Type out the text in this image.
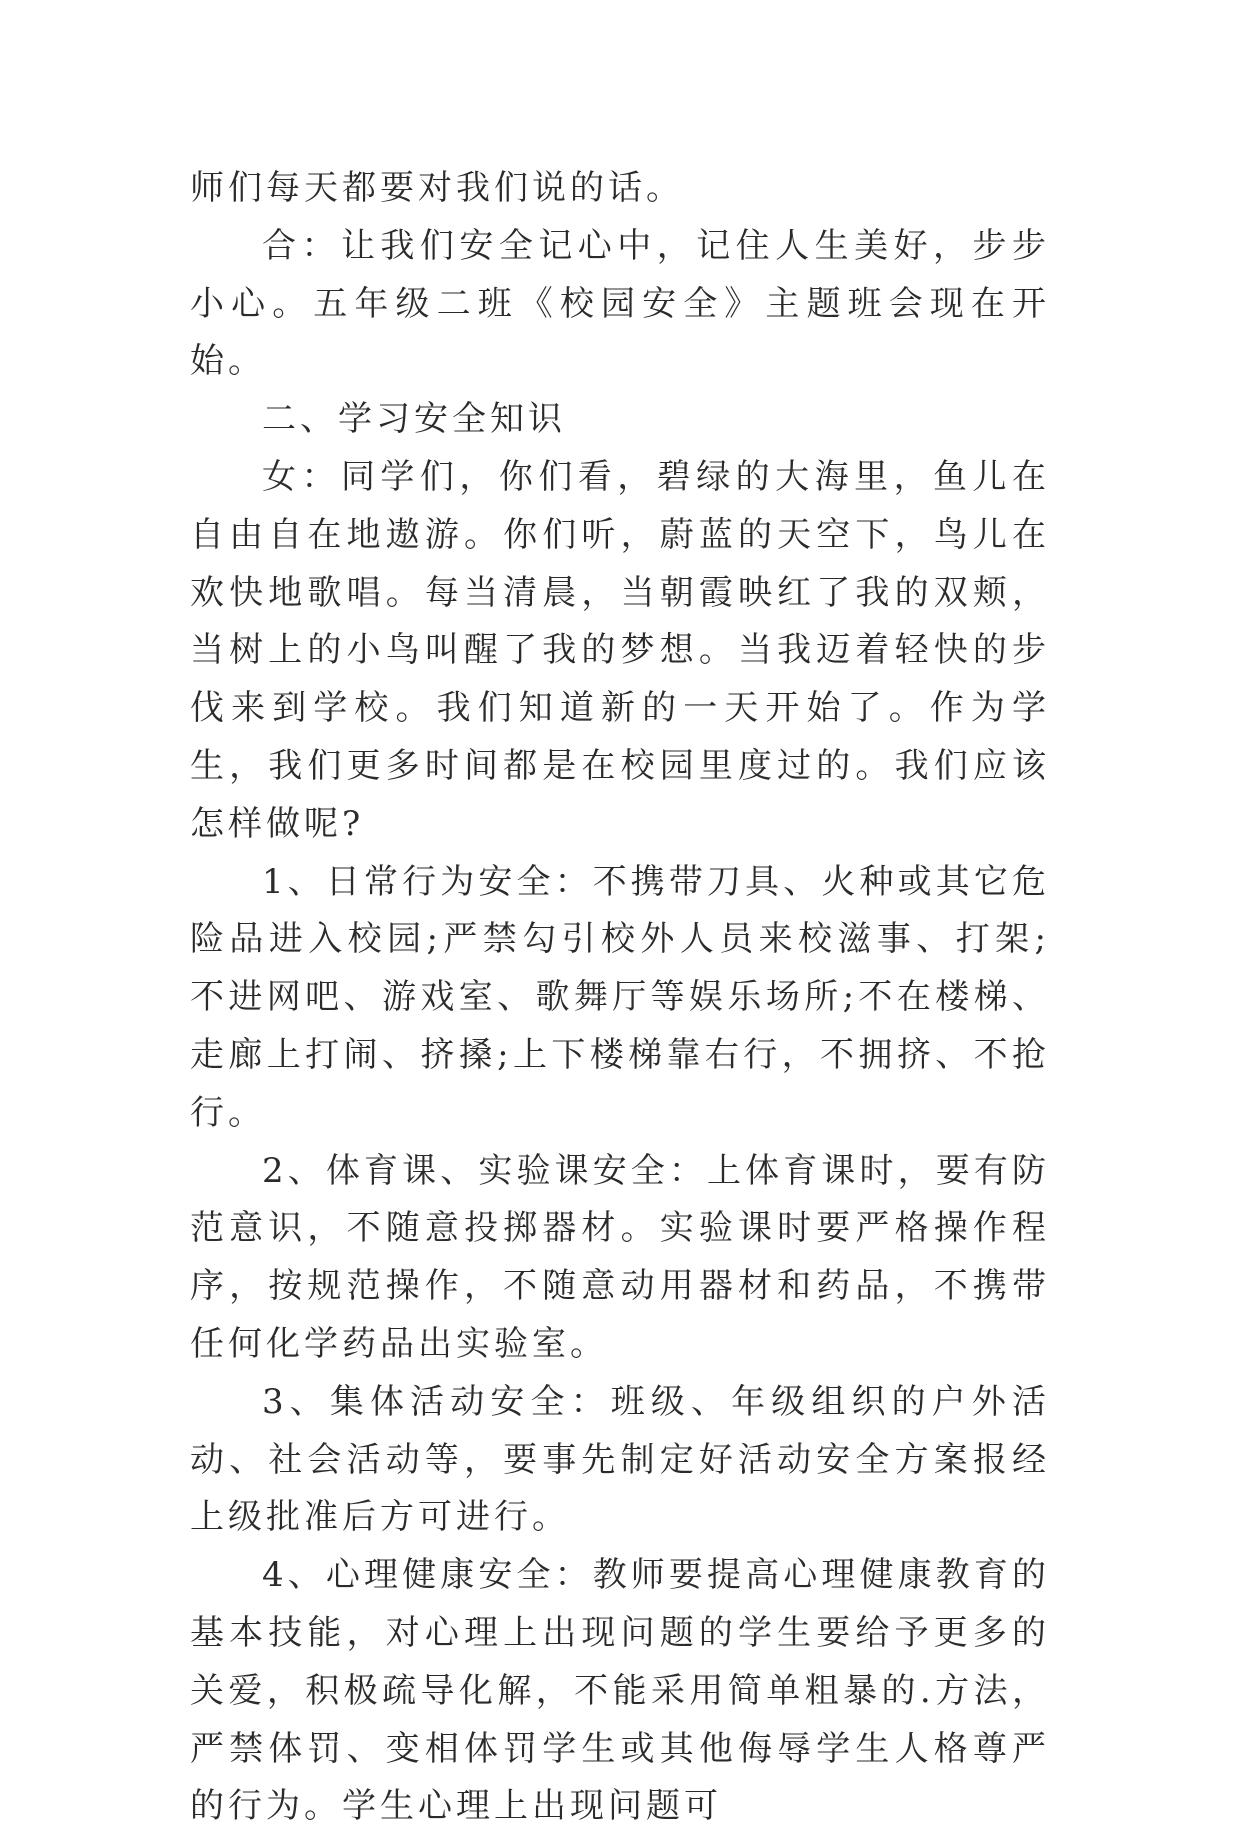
师们每天都要对我们说的话。

合：让我们安全记心中，记住人生美好，步步小心。五年级二班《校园安全》主题班会现在开始。

二、学习安全知识

女：同学们，你们看，碧绿的大海里，鱼儿在自由自在地遨游。你们听，蔚蓝的天空下，鸟儿在欢快地歌唱。每当清晨，当朝霞映红了我的双颊，当树上的小鸟叫醒了我的梦想。当我迈着轻快的步伐来到学校。我们知道新的一天开始了。作为学生，我们更多时间都是在校园里度过的。我们应该怎样做呢?

1、日常行为安全：不携带刀具、火种或其它危险品进入校园;严禁勾引校外人员来校滋事、打架;不进网吧、游戏室、歌舞厅等娱乐场所;不在楼梯、走廊上打闹、挤搡;上下楼梯靠右行，不拥挤、不抢行。

2、体育课、实验课安全：上体育课时，要有防范意识，不随意投掷器材。实验课时要严格操作程序，按规范操作，不随意动用器材和药品，不携带任何化学药品出实验室。

3、集体活动安全：班级、年级组织的户外活动、社会活动等，要事先制定好活动安全方案报经上级批准后方可进行。

4、心理健康安全：教师要提高心理健康教育的基本技能，对心理上出现问题的学生要给予更多的关爱，积极疏导化解，不能采用简单粗暴的.方法，严禁体罚、变相体罚学生或其他侮辱学生人格尊严的行为。学生心理上出现问题可
